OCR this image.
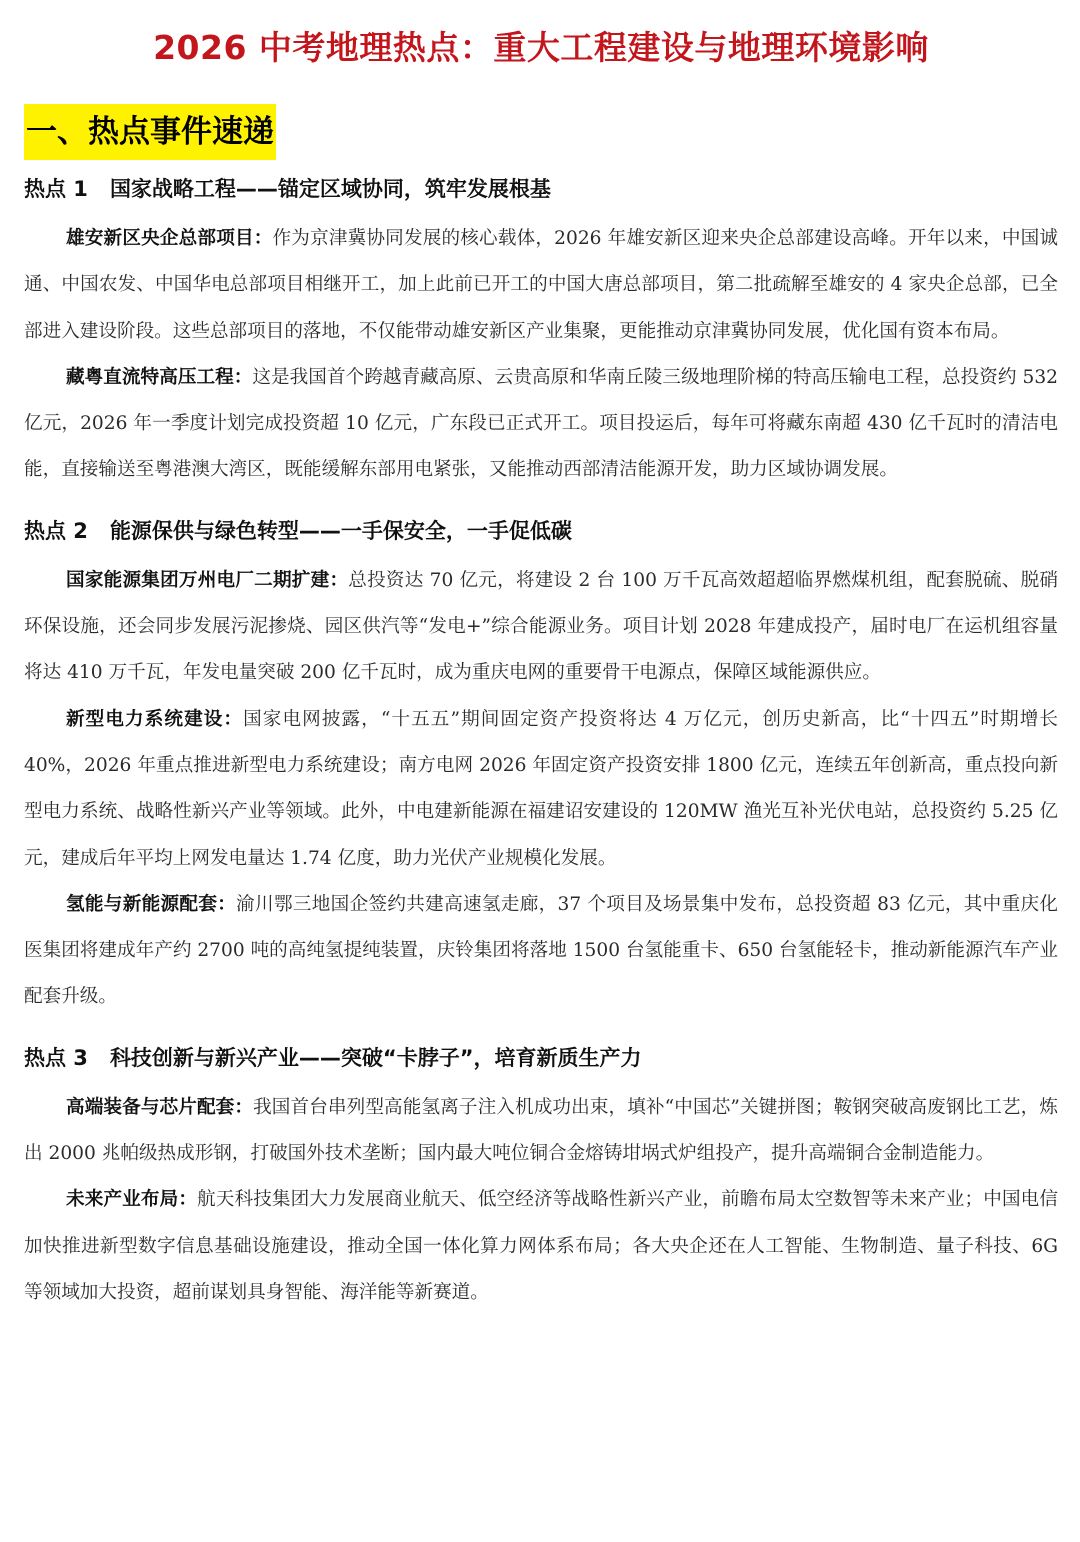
2026 中考地理热点：重大工程建设与地理环境影响
一、热点事件速递
热点 1 国家战略工程——锚定区域协同，筑牢发展根基

雄安新区央企总部项目：作为京津冀协同发展的核心载体，2026 年雄安新区迎来央企总部建设高峰。开年以来，中国诚通、中国农发、中国华电总部项目相继开工，加上此前已开工的中国大唐总部项目，第二批疏解至雄安的 4 家央企总部，已全部进入建设阶段。这些总部项目的落地，不仅能带动雄安新区产业集聚，更能推动京津冀协同发展，优化国有资本布局。

藏粤直流特高压工程：这是我国首个跨越青藏高原、云贵高原和华南丘陵三级地理阶梯的特高压输电工程，总投资约 532 亿元，2026 年一季度计划完成投资超 10 亿元，广东段已正式开工。项目投运后，每年可将藏东南超 430 亿千瓦时的清洁电能，直接输送至粤港澳大湾区，既能缓解东部用电紧张，又能推动西部清洁能源开发，助力区域协调发展。

热点 2 能源保供与绿色转型——一手保安全，一手促低碳

国家能源集团万州电厂二期扩建：总投资达 70 亿元，将建设 2 台 100 万千瓦高效超超临界燃煤机组，配套脱硫、脱硝环保设施，还会同步发展污泥掺烧、园区供汽等“发电+”综合能源业务。项目计划 2028 年建成投产，届时电厂在运机组容量将达 410 万千瓦，年发电量突破 200 亿千瓦时，成为重庆电网的重要骨干电源点，保障区域能源供应。

新型电力系统建设：国家电网披露，“十五五”期间固定资产投资将达 4 万亿元，创历史新高，比“十四五”时期增长 40%，2026 年重点推进新型电力系统建设；南方电网 2026 年固定资产投资安排 1800 亿元，连续五年创新高，重点投向新型电力系统、战略性新兴产业等领域。此外，中电建新能源在福建诏安建设的 120MW 渔光互补光伏电站，总投资约 5.25 亿元，建成后年平均上网发电量达 1.74 亿度，助力光伏产业规模化发展。

氢能与新能源配套：渝川鄂三地国企签约共建高速氢走廊，37 个项目及场景集中发布，总投资超 83 亿元，其中重庆化医集团将建成年产约 2700 吨的高纯氢提纯装置，庆铃集团将落地 1500 台氢能重卡、650 台氢能轻卡，推动新能源汽车产业配套升级。

热点 3 科技创新与新兴产业——突破“卡脖子”，培育新质生产力

高端装备与芯片配套：我国首台串列型高能氢离子注入机成功出束，填补“中国芯”关键拼图；鞍钢突破高废钢比工艺，炼出 2000 兆帕级热成形钢，打破国外技术垄断；国内最大吨位铜合金熔铸坩埚式炉组投产，提升高端铜合金制造能力。

未来产业布局：航天科技集团大力发展商业航天、低空经济等战略性新兴产业，前瞻布局太空数智等未来产业；中国电信加快推进新型数字信息基础设施建设，推动全国一体化算力网体系布局；各大央企还在人工智能、生物制造、量子科技、6G 等领域加大投资，超前谋划具身智能、海洋能等新赛道。
